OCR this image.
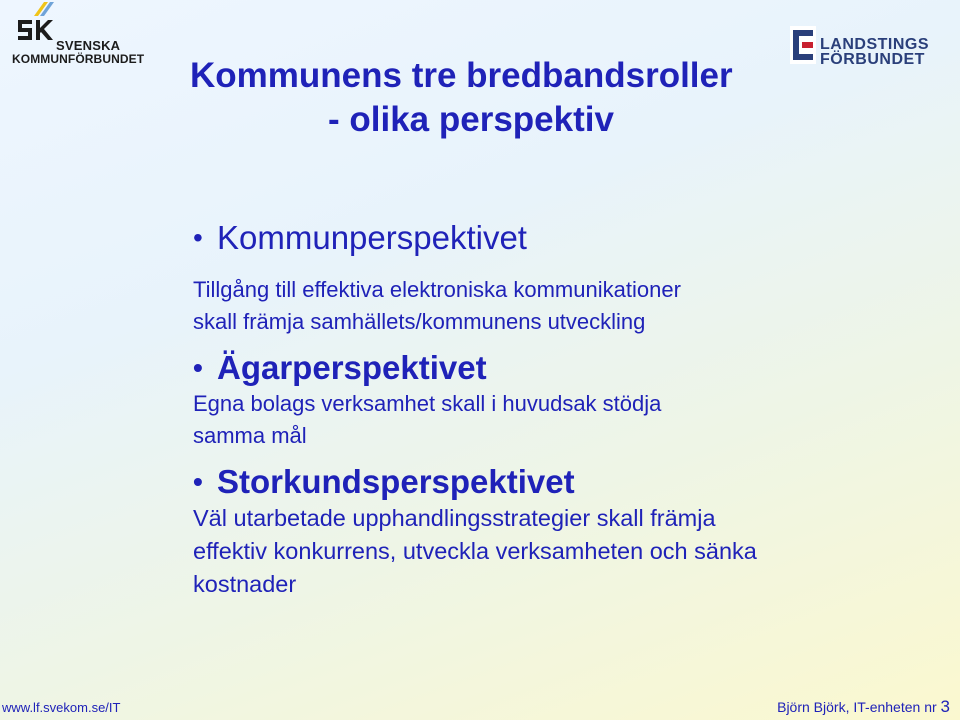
SVENSKA
KOMMUNFÖRBUNDET
LANDSTINGS
FÖRBUNDET
Kommunens tre bredbandsroller
- olika perspektiv
• Kommunperspektivet
Tillgång till effektiva elektroniska kommunikationer
skall främja samhällets/kommunens utveckling
• Ägarperspektivet
Egna bolags verksamhet skall i huvudsak stödja
samma mål
• Storkundsperspektivet
Väl utarbetade upphandlingsstrategier skall främja
effektiv konkurrens, utveckla verksamheten och sänka
kostnader
www.lf.svekom.se/IT	Björn Björk, IT-enheten nr 3
